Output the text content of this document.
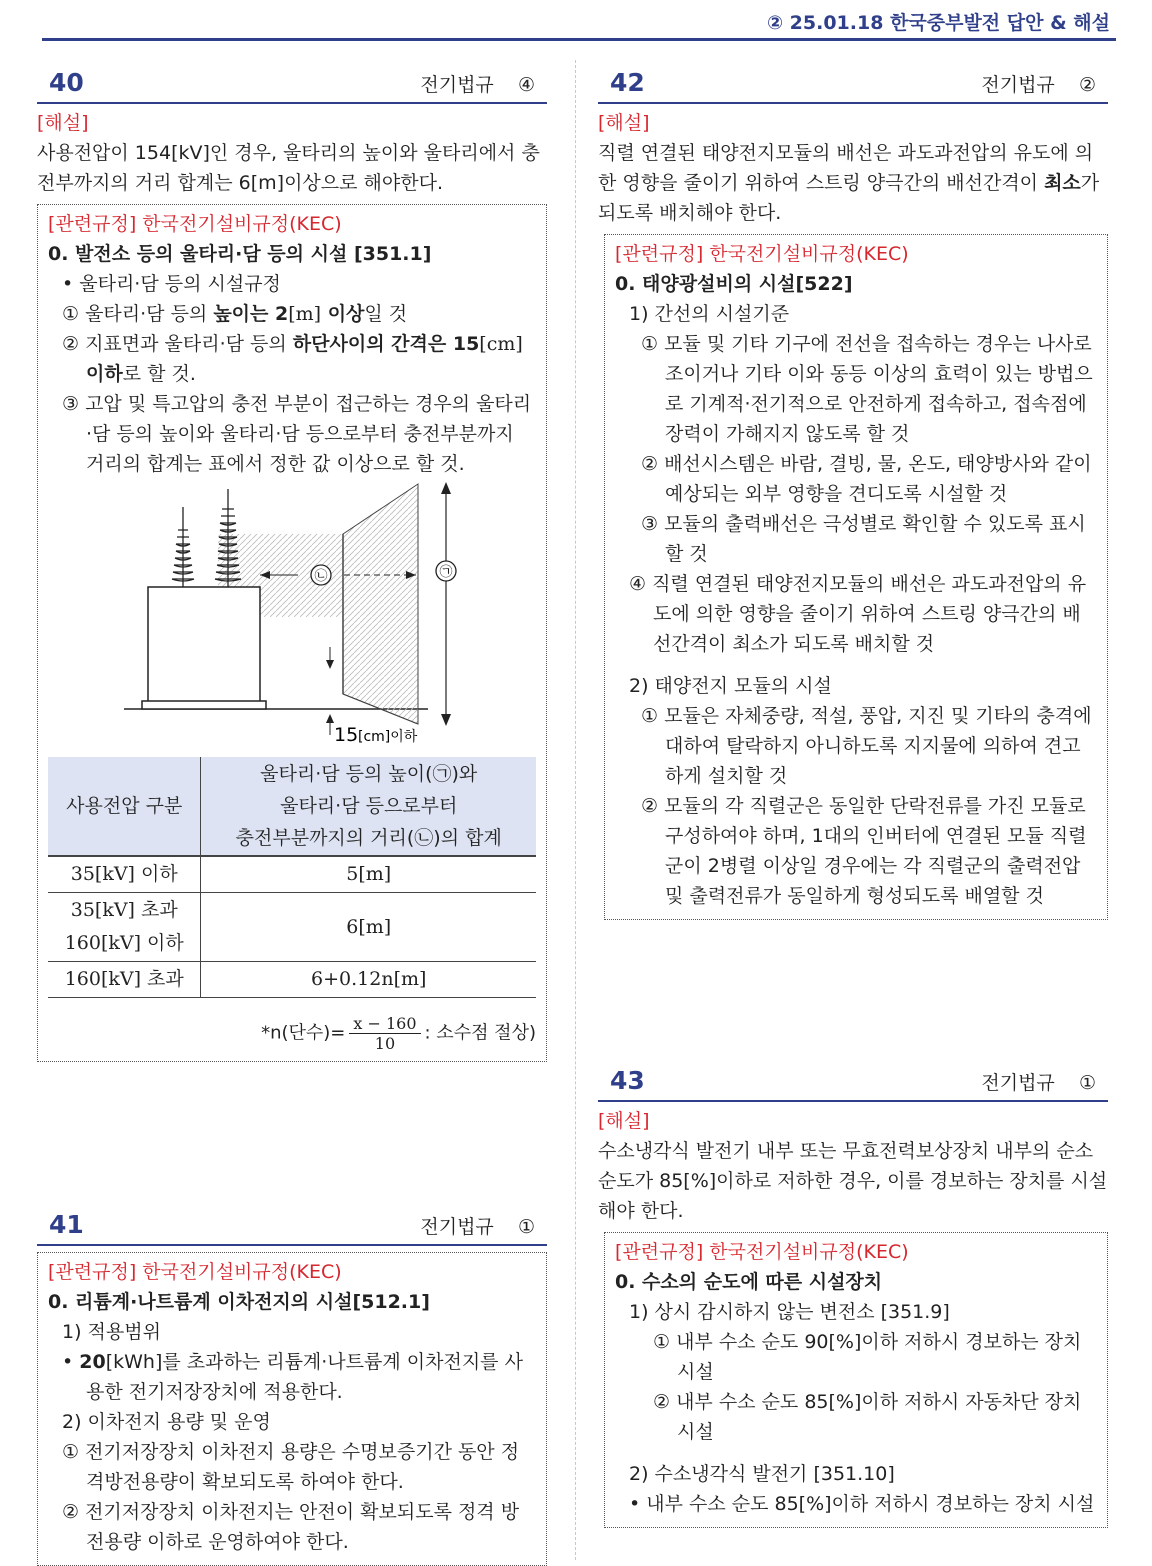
② 25.01.18 한국중부발전 답안 & 해설
40	전기법규 ④
[해설]
사용전압이 154[kV]인 경우, 울타리의 높이와 울타리에서 충전부까지의 거리 합계는 6[m]이상으로 해야한다.
[관련규정] 한국전기설비규정(KEC)
0. 발전소 등의 울타리·담 등의 시설 [351.1]
• 울타리·담 등의 시설규정
① 울타리·담 등의 높이는 2[m] 이상일 것
② 지표면과 울타리·담 등의 하단사이의 간격은 15[cm] 이하로 할 것.
③ 고압 및 특고압의 충전 부분이 접근하는 경우의 울타리·담 등의 높이와 울타리·담 등으로부터 충전부분까지 거리의 합계는 표에서 정한 값 이상으로 할 것.
㉡	㉠
15 [cm]이하
사용전압 구분	울타리·담 등의 높이(㉠)와
울타리·담 등으로부터
충전부분까지의 거리(㉡)의 합계

35[kV] 이하	5[m]

35[kV] 초과
160[kV] 이하	6[m]
160[kV] 초과	6+0.12n[m]
*n(단수)= $\frac{x - 160}{10}$ : 소수점 절상)
41	전기법규 ①
[관련규정] 한국전기설비규정(KEC)
0. 리튬계·나트륨계 이차전지의 시설[512.1]
1) 적용범위
• 20[kWh]를 초과하는 리튬계·나트륨계 이차전지를 사용한 전기저장장치에 적용한다.
2) 이차전지 용량 및 운영
① 전기저장장치 이차전지 용량은 수명보증기간 동안 정격방전용량이 확보되도록 하여야 한다.
② 전기저장장치 이차전지는 안전이 확보되도록 정격 방전용량 이하로 운영하여야 한다.
42	전기법규 ②
[해설]
직렬 연결된 태양전지모듈의 배선은 과도과전압의 유도에 의한 영향을 줄이기 위하여 스트링 양극간의 배선간격이 최소가 되도록 배치해야 한다.
[관련규정] 한국전기설비규정(KEC)
0. 태양광설비의 시설[522]
1) 간선의 시설기준
① 모듈 및 기타 기구에 전선을 접속하는 경우는 나사로 조이거나 기타 이와 동등 이상의 효력이 있는 방법으로 기계적·전기적으로 안전하게 접속하고, 접속점에 장력이 가해지지 않도록 할 것
② 배선시스템은 바람, 결빙, 물, 온도, 태양방사와 같이 예상되는 외부 영향을 견디도록 시설할 것
③ 모듈의 출력배선은 극성별로 확인할 수 있도록 표시할 것
④ 직렬 연결된 태양전지모듈의 배선은 과도과전압의 유도에 의한 영향을 줄이기 위하여 스트링 양극간의 배선간격이 최소가 되도록 배치할 것
2) 태양전지 모듈의 시설
① 모듈은 자체중량, 적설, 풍압, 지진 및 기타의 충격에 대하여 탈락하지 아니하도록 지지물에 의하여 견고하게 설치할 것
② 모듈의 각 직렬군은 동일한 단락전류를 가진 모듈로 구성하여야 하며, 1대의 인버터에 연결된 모듈 직렬군이 2병렬 이상일 경우에는 각 직렬군의 출력전압 및 출력전류가 동일하게 형성되도록 배열할 것
43	전기법규 ①
[해설]
수소냉각식 발전기 내부 또는 무효전력보상장치 내부의 순소 순도가 85[%]이하로 저하한 경우, 이를 경보하는 장치를 시설해야 한다.
[관련규정] 한국전기설비규정(KEC)
0. 수소의 순도에 따른 시설장치
1) 상시 감시하지 않는 변전소 [351.9]
① 내부 수소 순도 90[%]이하 저하시 경보하는 장치 시설
② 내부 수소 순도 85[%]이하 저하시 자동차단 장치 시설
2) 수소냉각식 발전기 [351.10]
• 내부 수소 순도 85[%]이하 저하시 경보하는 장치 시설
